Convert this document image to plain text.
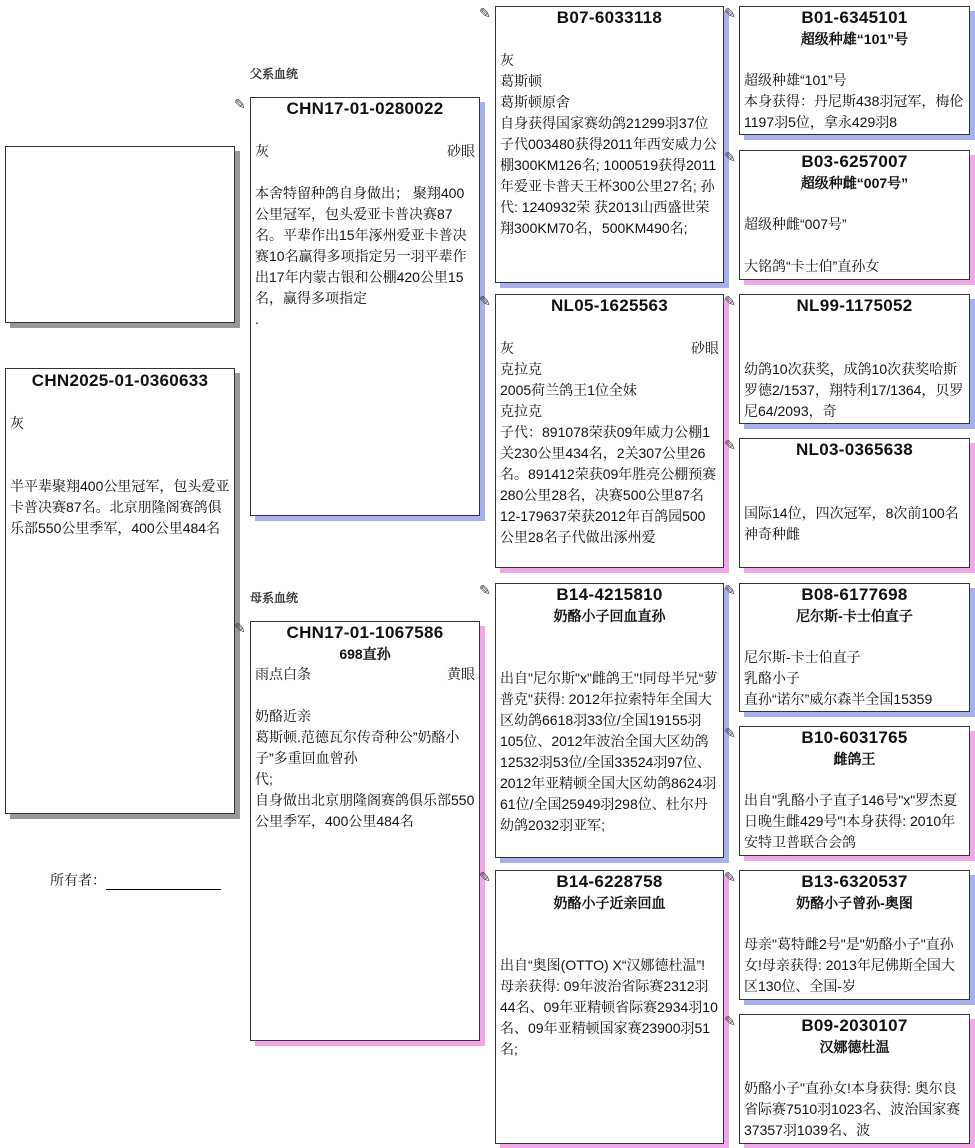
CHN2025-01-0360633
灰
半平辈聚翔400公里冠军，包头爱亚卡普决赛87名。北京朋隆阁赛鸽俱乐部550公里季军，400公里484名
所有者：
父系血统
✎	CHN17-01-0280022
灰	砂眼
本舍特留种鸽自身做出； 聚翔400公里冠军，包头爱亚卡普决赛87名。平辈作出15年涿州爱亚卡普决赛10名赢得多项指定另一羽平辈作出17年内蒙古银和公棚420公里15名，赢得多项指定
.
母系血统
✎	CHN17-01-1067586
698直孙
雨点白条	黄眼
奶酪近亲
葛斯顿.范德瓦尔传奇种公”奶酪小子”多重回血曾孙
代;
自身做出北京朋隆阁赛鸽俱乐部550公里季军，400公里484名
✎	B07-6033118
灰
葛斯顿
葛斯顿原舍
自身获得国家赛幼鸽21299羽37位
子代003480获得2011年西安威力公棚300KM126名; 1000519获得2011年爱亚卡普天王杯300公里27名; 孙代: 1240932荣 获2013山西盛世荣翔300KM70名，500KM490名;
✎	NL05-1625563
灰	砂眼
克拉克
2005荷兰鸽王1位全妹
克拉克
子代：891078荣获09年威力公棚1关230公里434名，2关307公里26名。891412荣获09年胜亮公棚预赛280公里28名，决赛500公里87名
12-179637荣获2012年百鸽园500公里28名子代做出涿州爱
✎	B14-4215810
奶酪小子回血直孙
出自"尼尔斯"x"雌鸽王"!同母半兄“萝普克"获得: 2012年拉索特年全国大区幼鸽6618羽33位/全国19155羽105位、2012年波治全国大区幼鸽12532羽53位/全国33524羽97位、2012年亚精顿全国大区幼鸽8624羽61位/全国25949羽298位、杜尔丹幼鸽2032羽亚军;
✎	B14-6228758
奶酪小子近亲回血
出自“奥图(OTTO) X“汉娜德杜温”!母亲获得: 09年波治省际赛2312羽44名、09年亚精顿省际赛2934羽10名、09年亚精顿国家赛23900羽51名;
✎	B01-6345101
超级种雄“101”号
超级种雄“101”号
本身获得：丹尼斯438羽冠军，梅伦1197羽5位，拿永429羽8
✎	B03-6257007
超级种雌“007号”
超级种雌“007号”

大铭鸽“卡士伯”直孙女
✎	NL99-1175052
幼鸽10次获奖，成鸽10次获奖哈斯罗德2/1537，翔特利17/1364，贝罗尼64/2093，奇
✎	NL03-0365638
国际14位，四次冠军，8次前100名
神奇种雌
✎	B08-6177698
尼尔斯-卡士伯直子
尼尔斯-卡士伯直子
乳酪小子
直孙“诺尔”威尔森半全国15359
✎	B10-6031765
雌鸽王
出自"乳酪小子直子146号"x"罗杰夏日晚生雌429号"!本身获得: 2010年安特卫普联合会鸽
✎	B13-6320537
奶酪小子曾孙-奥图
母亲"葛特雌2号"是"奶酪小子"直孙女!母亲获得: 2013年尼佛斯全国大区130位、全国-岁
✎	B09-2030107
汉娜德杜温
奶酪小子"直孙女!本身获得: 奥尔良省际赛7510羽1023名、波治国家赛37357羽1039名、波
